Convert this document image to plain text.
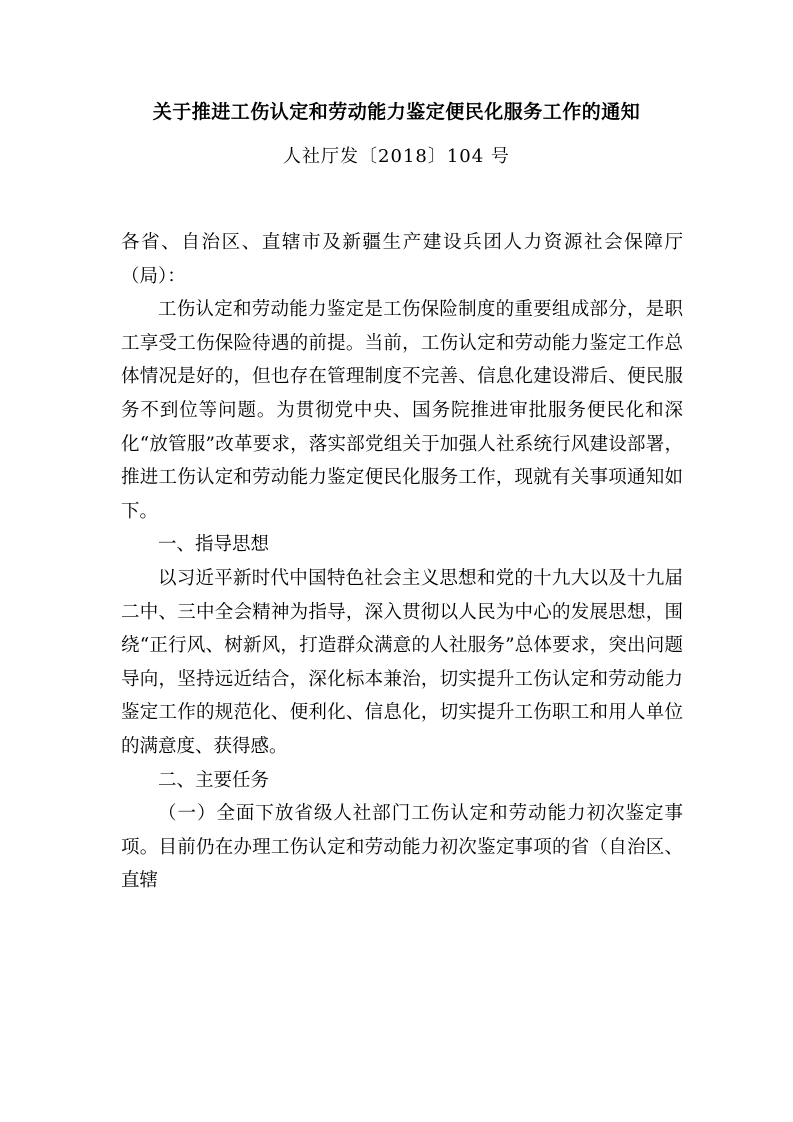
关于推进工伤认定和劳动能力鉴定便民化服务工作的通知
人社厅发〔2018〕104 号

各省、自治区、直辖市及新疆生产建设兵团人力资源社会保障厅（局）：

工伤认定和劳动能力鉴定是工伤保险制度的重要组成部分，是职工享受工伤保险待遇的前提。当前，工伤认定和劳动能力鉴定工作总体情况是好的，但也存在管理制度不完善、信息化建设滞后、便民服务不到位等问题。为贯彻党中央、国务院推进审批服务便民化和深化“放管服”改革要求，落实部党组关于加强人社系统行风建设部署，推进工伤认定和劳动能力鉴定便民化服务工作，现就有关事项通知如下。

一、指导思想

以习近平新时代中国特色社会主义思想和党的十九大以及十九届二中、三中全会精神为指导，深入贯彻以人民为中心的发展思想，围绕“正行风、树新风，打造群众满意的人社服务”总体要求，突出问题导向，坚持远近结合，深化标本兼治，切实提升工伤认定和劳动能力鉴定工作的规范化、便利化、信息化，切实提升工伤职工和用人单位的满意度、获得感。

二、主要任务

（一）全面下放省级人社部门工伤认定和劳动能力初次鉴定事项。目前仍在办理工伤认定和劳动能力初次鉴定事项的省（自治区、直辖
